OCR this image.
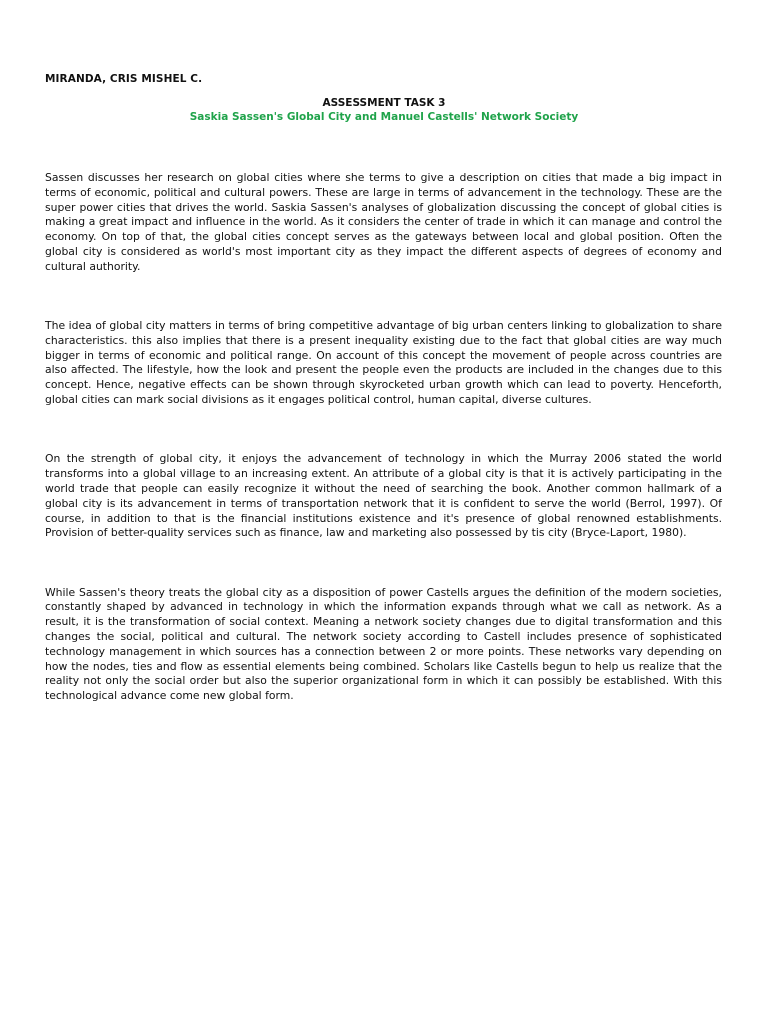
MIRANDA, CRIS MISHEL C.
ASSESSMENT TASK 3
Saskia Sassen's Global City and Manuel Castells' Network Society

Sassen discusses her research on global cities where she terms to give a description on cities that made a big impact in terms of economic, political and cultural powers. These are large in terms of advancement in the technology. These are the super power cities that drives the world. Saskia Sassen's analyses of globalization discussing the concept of global cities is making a great impact and influence in the world. As it considers the center of trade in which it can manage and control the economy. On top of that, the global cities concept serves as the gateways between local and global position. Often the global city is considered as world's most important city as they impact the different aspects of degrees of economy and cultural authority.

The idea of global city matters in terms of bring competitive advantage of big urban centers linking to globalization to share characteristics. this also implies that there is a present inequality existing due to the fact that global cities are way much bigger in terms of economic and political range. On account of this concept the movement of people across countries are also affected. The lifestyle, how the look and present the people even the products are included in the changes due to this concept. Hence, negative effects can be shown through skyrocketed urban growth which can lead to poverty. Henceforth, global cities can mark social divisions as it engages political control, human capital, diverse cultures.

On the strength of global city, it enjoys the advancement of technology in which the Murray 2006 stated the world transforms into a global village to an increasing extent. An attribute of a global city is that it is actively participating in the world trade that people can easily recognize it without the need of searching the book. Another common hallmark of a global city is its advancement in terms of transportation network that it is confident to serve the world (Berrol, 1997). Of course, in addition to that is the financial institutions existence and it's presence of global renowned establishments. Provision of better-quality services such as finance, law and marketing also possessed by tis city (Bryce-Laport, 1980).

While Sassen's theory treats the global city as a disposition of power Castells argues the definition of the modern societies, constantly shaped by advanced in technology in which the information expands through what we call as network. As a result, it is the transformation of social context. Meaning a network society changes due to digital transformation and this changes the social, political and cultural. The network society according to Castell includes presence of sophisticated technology management in which sources has a connection between 2 or more points. These networks vary depending on how the nodes, ties and flow as essential elements being combined. Scholars like Castells begun to help us realize that the reality not only the social order but also the superior organizational form in which it can possibly be established. With this technological advance come new global form.
